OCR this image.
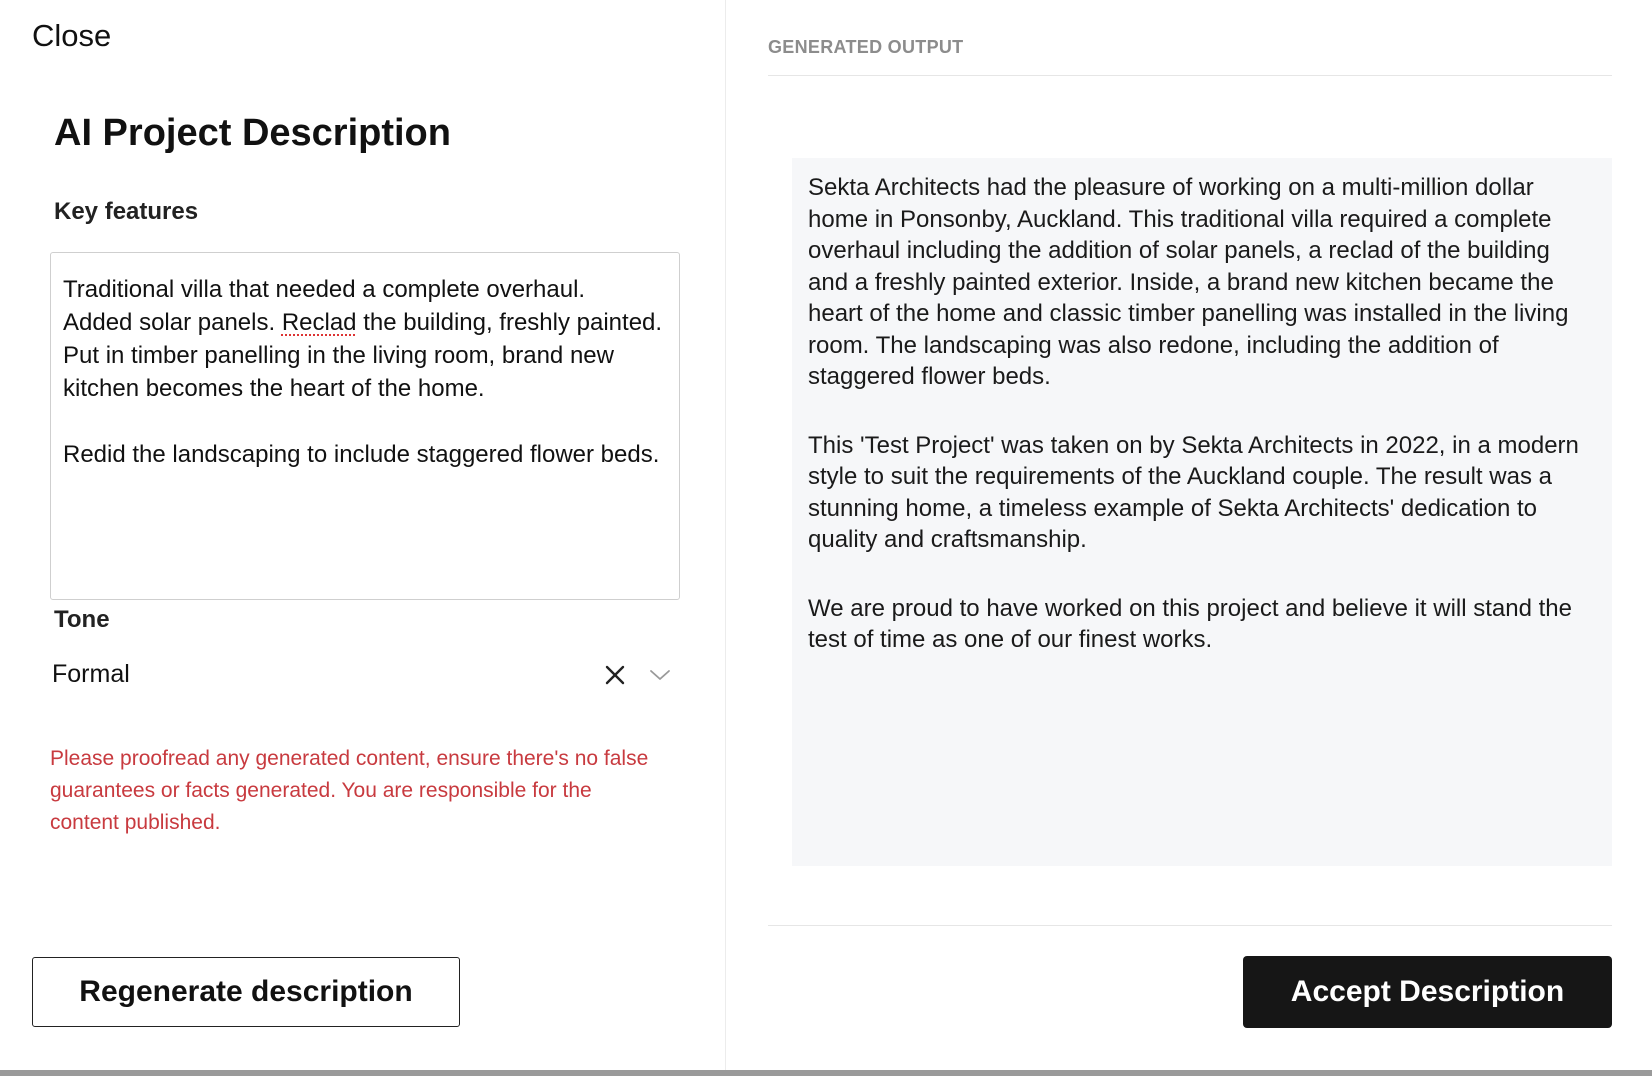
Close
AI Project Description
Key features
Traditional villa that needed a complete overhaul.
Added solar panels. Reclad the building, freshly painted. Put in timber panelling in the living room, brand new kitchen becomes the heart of the home.
Redid the landscaping to include staggered flower beds.
Tone
Formal

Please proofread any generated content, ensure there's no false guarantees or facts generated. You are responsible for the content published.

Regenerate description
GENERATED OUTPUT

Sekta Architects had the pleasure of working on a multi-million dollar home in Ponsonby, Auckland. This traditional villa required a complete overhaul including the addition of solar panels, a reclad of the building and a freshly painted exterior. Inside, a brand new kitchen became the heart of the home and classic timber panelling was installed in the living room. The landscaping was also redone, including the addition of staggered flower beds.

This 'Test Project' was taken on by Sekta Architects in 2022, in a modern style to suit the requirements of the Auckland couple. The result was a stunning home, a timeless example of Sekta Architects' dedication to quality and craftsmanship.

We are proud to have worked on this project and believe it will stand the test of time as one of our finest works.

Accept Description
